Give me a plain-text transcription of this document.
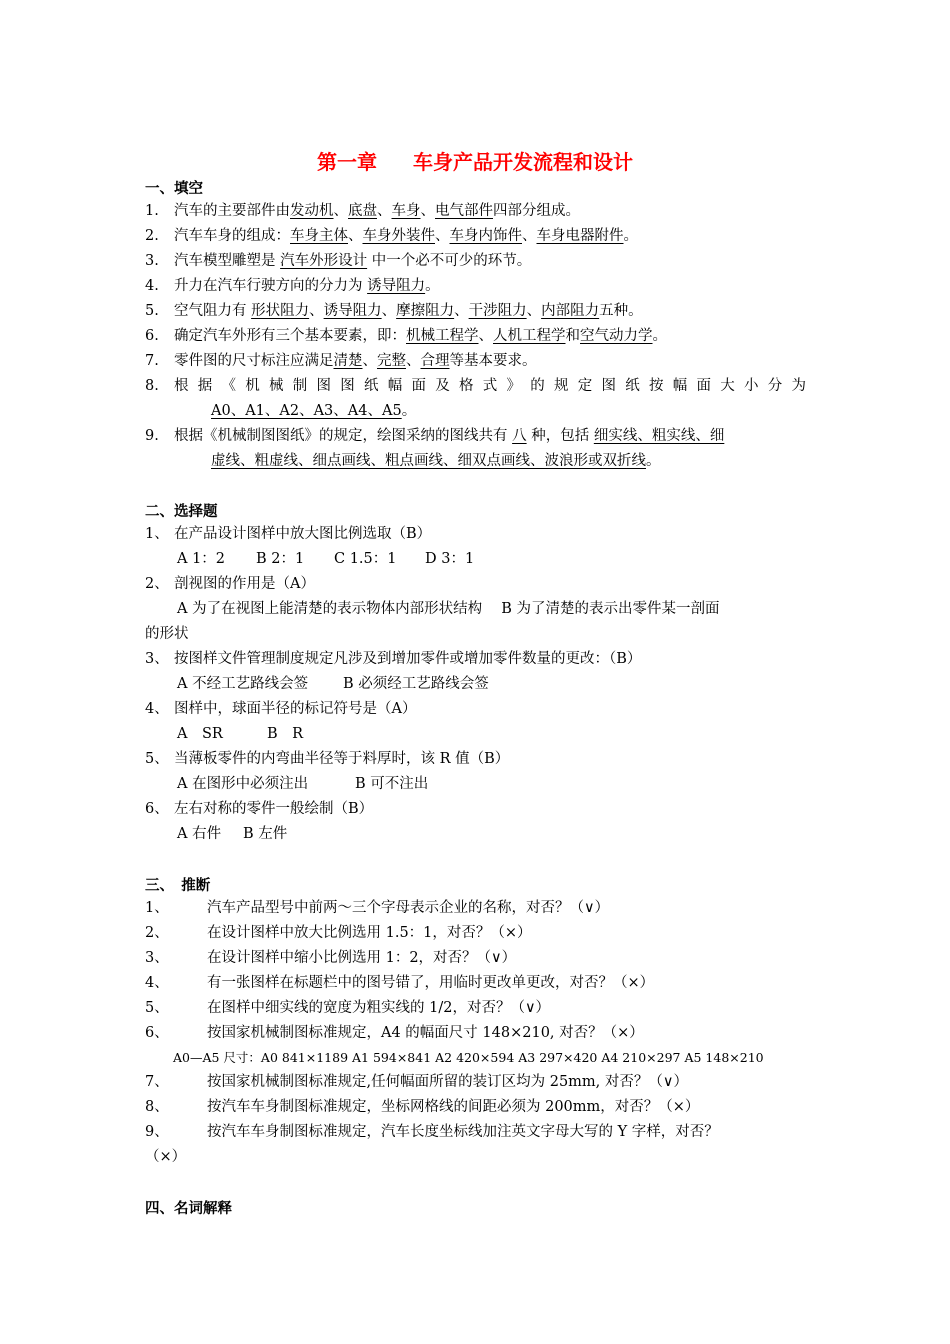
第一章 车身产品开发流程和设计
一、填空
1. 汽车的主要部件由发动机、底盘、车身、电气部件四部分组成。
2. 汽车车身的组成：车身主体、车身外装件、车身内饰件、车身电器附件。
3. 汽车模型雕塑是 汽车外形设计 中一个必不可少的环节。
4. 升力在汽车行驶方向的分力为 诱导阻力。
5. 空气阻力有 形状阻力、诱导阻力、摩擦阻力、干涉阻力、内部阻力五种。
6. 确定汽车外形有三个基本要素，即：机械工程学、人机工程学和空气动力学。
7. 零件图的尺寸标注应满足清楚、完整、合理等基本要求。
8. 根 据 《 机 械 制 图 图 纸 幅 面 及 格 式 》 的 规 定 图 纸 按 幅 面 大 小 分 为
A0、A1、A2、A3、A4、A5。
9. 根据《机械制图图纸》的规定，绘图采纳的图线共有 八 种，包括 细实线、粗实线、细
虚线、粗虚线、细点画线、粗点画线、细双点画线、波浪形或双折线。
二、选择题
1、 在产品设计图样中放大图比例选取（B）
A 1：2 B 2：1 C 1.5：1 D 3：1
2、 剖视图的作用是（A）
A 为了在视图上能清楚的表示物体内部形状结构　 B 为了清楚的表示出零件某一剖面
的形状
3、 按图样文件管理制度规定凡涉及到增加零件或增加零件数量的更改：（B）
A 不经工艺路线会签 B 必须经工艺路线会签
4、 图样中，球面半径的标记符号是（A）
A　SR	B　R
5、 当薄板零件的内弯曲半径等于料厚时，该 R 值（B）
A 在图形中必须注出	B 可不注出
6、 左右对称的零件一般绘制（B）
A 右件 B 左件
三、　推断
1、	汽车产品型号中前两～三个字母表示企业的名称，对否？（∨）
2、	在设计图样中放大比例选用 1.5：1，对否？（×）
3、	在设计图样中缩小比例选用 1：2，对否？（∨）
4、	有一张图样在标题栏中的图号错了，用临时更改单更改，对否？（×）
5、	在图样中细实线的宽度为粗实线的 1/2，对否？（∨）
6、	按国家机械制图标准规定，A4 的幅面尺寸 148×210, 对否？（×）
A0—A5 尺寸：A0 841×1189 A1 594×841 A2 420×594 A3 297×420 A4 210×297 A5 148×210
7、	按国家机械制图标准规定,任何幅面所留的装订区均为 25mm, 对否？（∨）
8、	按汽车车身制图标准规定，坐标网格线的间距必须为 200mm，对否？（×）
9、	按汽车车身制图标准规定，汽车长度坐标线加注英文字母大写的 Y 字样，对否？
（×）
四、名词解释
